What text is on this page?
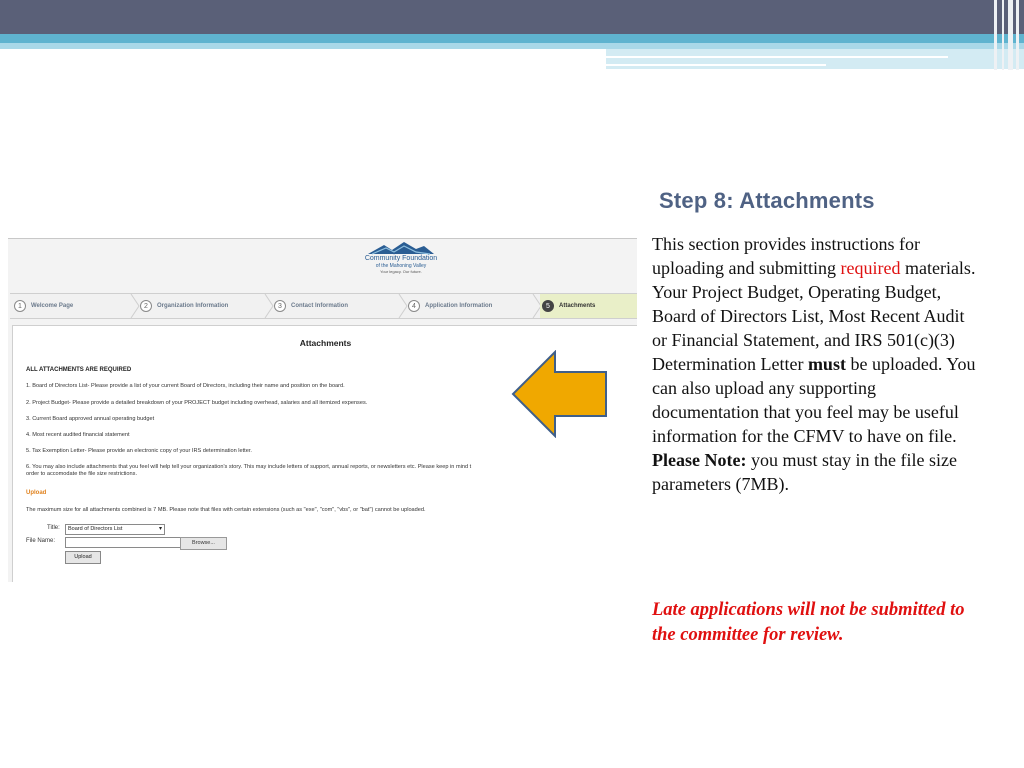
Step 8: Attachments

This section provides instructions for uploading and submitting required materials. Your Project Budget, Operating Budget, Board of Directors List, Most Recent Audit or Financial Statement, and IRS 501(c)(3) Determination Letter must be uploaded. You can also upload any supporting documentation that you feel may be useful information for the CFMV to have on file. Please Note: you must stay in the file size parameters (7MB).

Late applications will not be submitted to the committee for review.

Community Foundation
of the Mahoning Valley
Your legacy. Our future.
1	Welcome Page	2	Organization Information	3	Contact Information	4	Application Information	5	Attachments
Attachments
ALL ATTACHMENTS ARE REQUIRED
1. Board of Directors List- Please provide a list of your current Board of Directors, including their name and position on the board.
2. Project Budget- Please provide a detailed breakdown of your PROJECT budget including overhead, salaries and all itemized expenses.
3. Current Board approved annual operating budget
4. Most recent audited financial statement
5. Tax Exemption Letter- Please provide an electronic copy of your IRS determination letter.
6. You may also include attachments that you feel will help tell your organization's story. This may include letters of support, annual reports, or newsletters etc. Please keep in mind t
order to accomodate the file size restrictions.
Upload
The maximum size for all attachments combined is 7 MB. Please note that files with certain extensions (such as "exe", "com", "vbs", or "bat") cannot be uploaded.
Title:	Board of Directors List	▾
File Name:	Browse...
Upload
